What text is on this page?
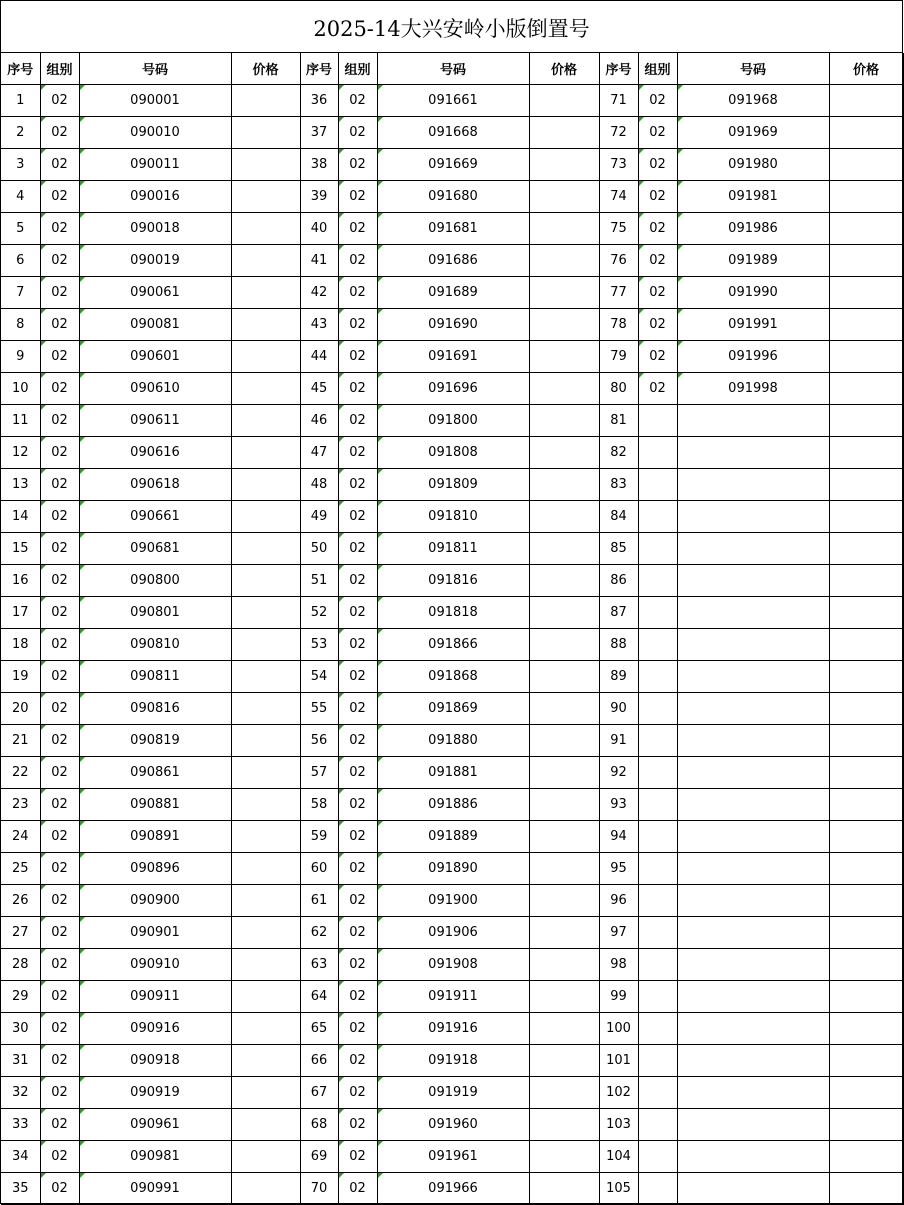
2025-14大兴安岭小版倒置号
序号	组别	号码	价格	序号	组别	号码	价格	序号	组别	号码	价格
1	02	090001		36	02	091661		71	02	091968	
2	02	090010		37	02	091668		72	02	091969	
3	02	090011		38	02	091669		73	02	091980	
4	02	090016		39	02	091680		74	02	091981	
5	02	090018		40	02	091681		75	02	091986	
6	02	090019		41	02	091686		76	02	091989	
7	02	090061		42	02	091689		77	02	091990	
8	02	090081		43	02	091690		78	02	091991	
9	02	090601		44	02	091691		79	02	091996	
10	02	090610		45	02	091696		80	02	091998	
11	02	090611		46	02	091800		81			
12	02	090616		47	02	091808		82			
13	02	090618		48	02	091809		83			
14	02	090661		49	02	091810		84			
15	02	090681		50	02	091811		85			
16	02	090800		51	02	091816		86			
17	02	090801		52	02	091818		87			
18	02	090810		53	02	091866		88			
19	02	090811		54	02	091868		89			
20	02	090816		55	02	091869		90			
21	02	090819		56	02	091880		91			
22	02	090861		57	02	091881		92			
23	02	090881		58	02	091886		93			
24	02	090891		59	02	091889		94			
25	02	090896		60	02	091890		95			
26	02	090900		61	02	091900		96			
27	02	090901		62	02	091906		97			
28	02	090910		63	02	091908		98			
29	02	090911		64	02	091911		99			
30	02	090916		65	02	091916		100			
31	02	090918		66	02	091918		101			
32	02	090919		67	02	091919		102			
33	02	090961		68	02	091960		103			
34	02	090981		69	02	091961		104			
35	02	090991		70	02	091966		105			
